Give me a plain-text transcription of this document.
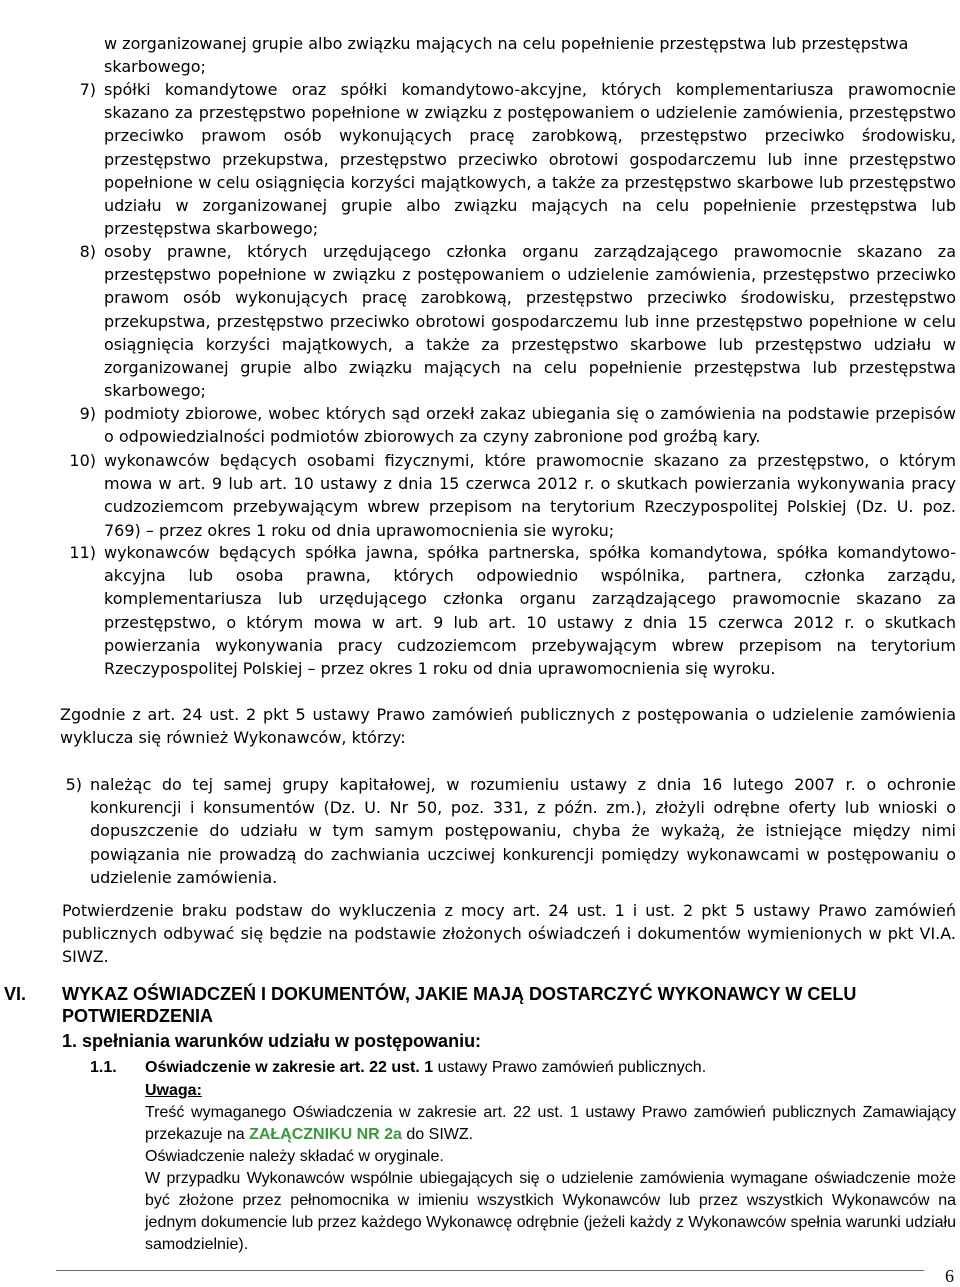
w zorganizowanej grupie albo związku mających na celu popełnienie przestępstwa lub przestępstwa

skarbowego;

7) spółki komandytowe oraz spółki komandytowo-akcyjne, których komplementariusza prawomocnie skazano za przestępstwo popełnione w związku z postępowaniem o udzielenie zamówienia, przestępstwo przeciwko prawom osób wykonujących pracę zarobkową, przestępstwo przeciwko środowisku, przestępstwo przekupstwa, przestępstwo przeciwko obrotowi gospodarczemu lub inne przestępstwo popełnione w celu osiągnięcia korzyści majątkowych, a także za przestępstwo skarbowe lub przestępstwo udziału w zorganizowanej grupie albo związku mających na celu popełnienie przestępstwa lub przestępstwa skarbowego;
8) osoby prawne, których urzędującego członka organu zarządzającego prawomocnie skazano za przestępstwo popełnione w związku z postępowaniem o udzielenie zamówienia, przestępstwo przeciwko prawom osób wykonujących pracę zarobkową, przestępstwo przeciwko środowisku, przestępstwo przekupstwa, przestępstwo przeciwko obrotowi gospodarczemu lub inne przestępstwo popełnione w celu osiągnięcia korzyści majątkowych, a także za przestępstwo skarbowe lub przestępstwo udziału w zorganizowanej grupie albo związku mających na celu popełnienie przestępstwa lub przestępstwa skarbowego;
9) podmioty zbiorowe, wobec których sąd orzekł zakaz ubiegania się o zamówienia na podstawie przepisów o odpowiedzialności podmiotów zbiorowych za czyny zabronione pod groźbą kary.
10) wykonawców będących osobami fizycznymi, które prawomocnie skazano za przestępstwo, o którym mowa w art. 9 lub art. 10 ustawy z dnia 15 czerwca 2012 r. o skutkach powierzania wykonywania pracy cudzoziemcom przebywającym wbrew przepisom na terytorium Rzeczypospolitej Polskiej (Dz. U. poz. 769) – przez okres 1 roku od dnia uprawomocnienia sie wyroku;
11) wykonawców będących spółka jawna, spółka partnerska, spółka komandytowa, spółka komandytowo-akcyjna lub osoba prawna, których odpowiednio wspólnika, partnera, członka zarządu, komplementariusza lub urzędującego członka organu zarządzającego prawomocnie skazano za przestępstwo, o którym mowa w art. 9 lub art. 10 ustawy z dnia 15 czerwca 2012 r. o skutkach powierzania wykonywania pracy cudzoziemcom przebywającym wbrew przepisom na terytorium Rzeczypospolitej Polskiej – przez okres 1 roku od dnia uprawomocnienia się wyroku.
Zgodnie z art. 24 ust. 2 pkt 5 ustawy Prawo zamówień publicznych z postępowania o udzielenie zamówienia wyklucza się również Wykonawców, którzy:
5) należąc do tej samej grupy kapitałowej, w rozumieniu ustawy z dnia 16 lutego 2007 r. o ochronie konkurencji i konsumentów (Dz. U. Nr 50, poz. 331, z późn. zm.), złożyli odrębne oferty lub wnioski o dopuszczenie do udziału w tym samym postępowaniu, chyba że wykażą, że istniejące między nimi powiązania nie prowadzą do zachwiania uczciwej konkurencji pomiędzy wykonawcami w postępowaniu o udzielenie zamówienia.
Potwierdzenie braku podstaw do wykluczenia z mocy art. 24 ust. 1 i ust. 2 pkt 5 ustawy Prawo zamówień publicznych odbywać się będzie na podstawie złożonych oświadczeń i dokumentów wymienionych w pkt VI.A. SIWZ.
VI.	WYKAZ OŚWIADCZEŃ I DOKUMENTÓW, JAKIE MAJĄ DOSTARCZYĆ WYKONAWCY W CELU POTWIERDZENIA
1. spełniania warunków udziału w postępowaniu:
1.1.	Oświadczenie w zakresie art. 22 ust. 1 ustawy Prawo zamówień publicznych.

Uwaga:

Treść wymaganego Oświadczenia w zakresie art. 22 ust. 1 ustawy Prawo zamówień publicznych Zamawiający przekazuje na ZAŁĄCZNIKU NR 2a do SIWZ.

Oświadczenie należy składać w oryginale.

W przypadku Wykonawców wspólnie ubiegających się o udzielenie zamówienia wymagane oświadczenie może być złożone przez pełnomocnika w imieniu wszystkich Wykonawców lub przez wszystkich Wykonawców na jednym dokumencie lub przez każdego Wykonawcę odrębnie (jeżeli każdy z Wykonawców spełnia warunki udziału samodzielnie).

6
